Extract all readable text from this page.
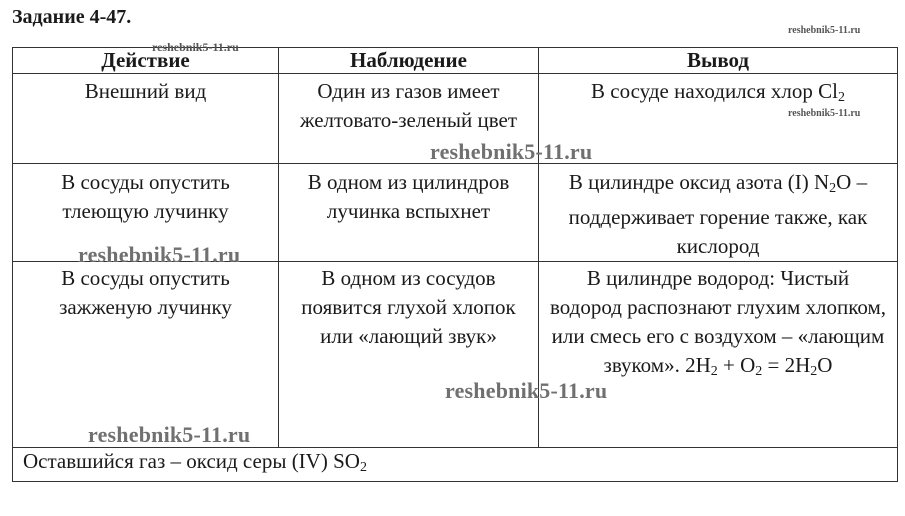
Задание 4-47.
Действие	Наблюдение	Вывод
Внешний вид	Один из газов имеет желтовато-зеленый цвет	В сосуде находился хлор $Cl_2$
В сосуды опустить тлеющую лучинку	В одном из цилиндров лучинка вспыхнет	В цилиндре оксид азота (I) $N_2O$ – поддерживает горение также, как кислород
В сосуды опустить зажженую лучинку	В одном из сосудов появится глухой хлопок или «лающий звук»	В цилиндре водород: Чистый водород распознают глухим хлопком, или смесь его с воздухом – «лающим звуком». $2H_2 + O_2 = 2H_2O$
Оставшийся газ – оксид серы (IV) $SO_2$
reshebnik5-11.ru
reshebnik5-11.ru
reshebnik5-11.ru
reshebnik5-11.ru
reshebnik5-11.ru
reshebnik5-11.ru
reshebnik5-11.ru
